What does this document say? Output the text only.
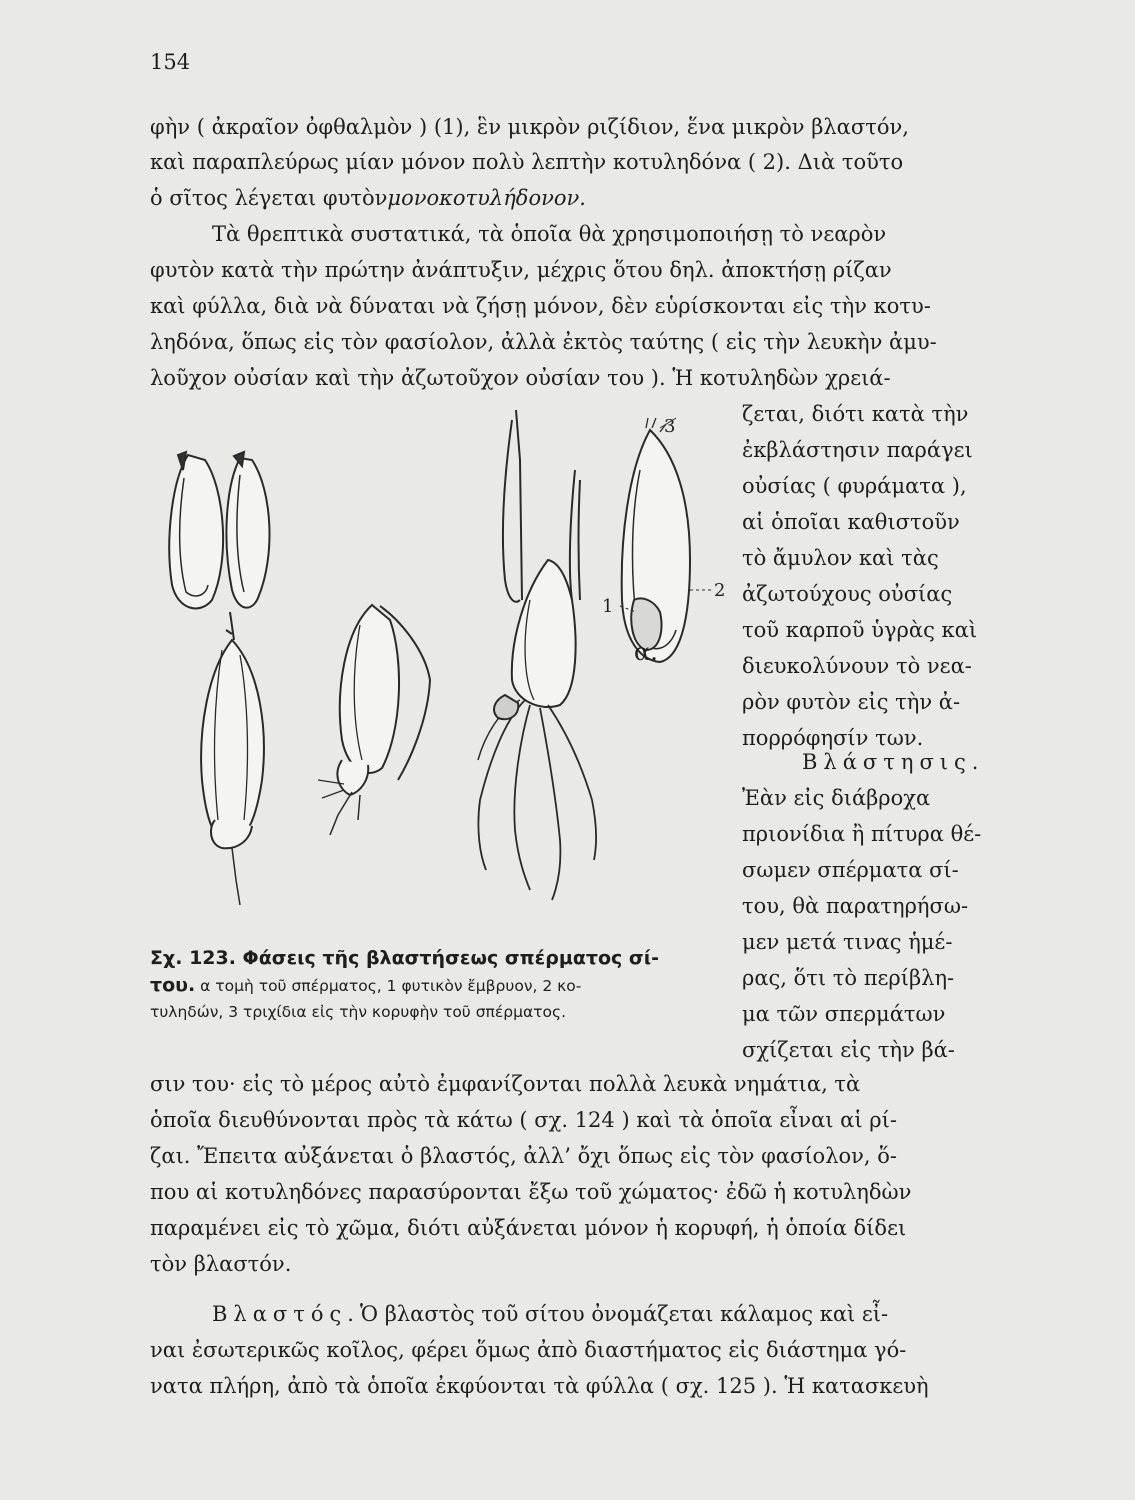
154
φὴν ( ἀκραῖον ὀφθαλμὸν ) (1), ἓν μικρὸν ριζίδιον, ἕνα μικρὸν βλαστόν,
καὶ παραπλεύρως μίαν μόνον πολὺ λεπτὴν κοτυληδόνα ( 2). Διὰ τοῦτο
ὁ σῖτος λέγεται φυτὸν μονοκοτυλήδονον.
Τὰ θρεπτικὰ συστατικά, τὰ ὁποῖα θὰ χρησιμοποιήσῃ τὸ νεαρὸν
φυτὸν κατὰ τὴν πρώτην ἀνάπτυξιν, μέχρις ὅτου δηλ. ἀποκτήσῃ ρίζαν
καὶ φύλλα, διὰ νὰ δύναται νὰ ζήσῃ μόνον, δὲν εὑρίσκονται εἰς τὴν κοτυ-
ληδόνα, ὅπως εἰς τὸν φασίολον, ἀλλὰ ἐκτὸς ταύτης ( εἰς τὴν λευκὴν ἀμυ-
λοῦχον οὐσίαν καὶ τὴν ἀζωτοῦχον οὐσίαν του ). Ἡ κοτυληδὼν χρειά-
ζεται, διότι κατὰ τὴν
ἐκβλάστησιν παράγει
οὐσίας ( φυράματα ),
αἱ ὁποῖαι καθιστοῦν
τὸ ἄμυλον καὶ τὰς
ἀζωτούχους οὐσίας
τοῦ καρποῦ ὑγρὰς καὶ
διευκολύνουν τὸ νεα-
ρὸν φυτὸν εἰς τὴν ἀ-
πορρόφησίν των.
Βλάστησις.
Ἐὰν εἰς διάβροχα
πριονίδια ἢ πίτυρα θέ-
σωμεν σπέρματα σί-
του, θὰ παρατηρήσω-
μεν μετά τινας ἡμέ-
ρας, ὅτι τὸ περίβλη-
μα τῶν σπερμάτων
σχίζεται εἰς τὴν βά-
3
2
1
α.
Σχ. 123. Φάσεις τῆς βλαστήσεως σπέρματος σί-
του. α τομὴ τοῦ σπέρματος, 1 φυτικὸν ἔμβρυον, 2 κο-
τυληδών, 3 τριχίδια εἰς τὴν κορυφὴν τοῦ σπέρματος.
σιν του· εἰς τὸ μέρος αὐτὸ ἐμφανίζονται πολλὰ λευκὰ νημάτια, τὰ
ὁποῖα διευθύνονται πρὸς τὰ κάτω ( σχ. 124 ) καὶ τὰ ὁποῖα εἶναι αἱ ρί-
ζαι. Ἔπειτα αὐξάνεται ὁ βλαστός, ἀλλ’ ὄχι ὅπως εἰς τὸν φασίολον, ὅ-
που αἱ κοτυληδόνες παρασύρονται ἔξω τοῦ χώματος· ἐδῶ ἡ κοτυληδὼν
παραμένει εἰς τὸ χῶμα, διότι αὐξάνεται μόνον ἡ κορυφή, ἡ ὁποία δίδει
τὸν βλαστόν.
Βλαστός. Ὁ βλαστὸς τοῦ σίτου ὀνομάζεται κάλαμος καὶ εἶ-
ναι ἐσωτερικῶς κοῖλος, φέρει ὅμως ἀπὸ διαστήματος εἰς διάστημα γό-
νατα πλήρη, ἀπὸ τὰ ὁποῖα ἐκφύονται τὰ φύλλα ( σχ. 125 ). Ἡ κατασκευὴ
